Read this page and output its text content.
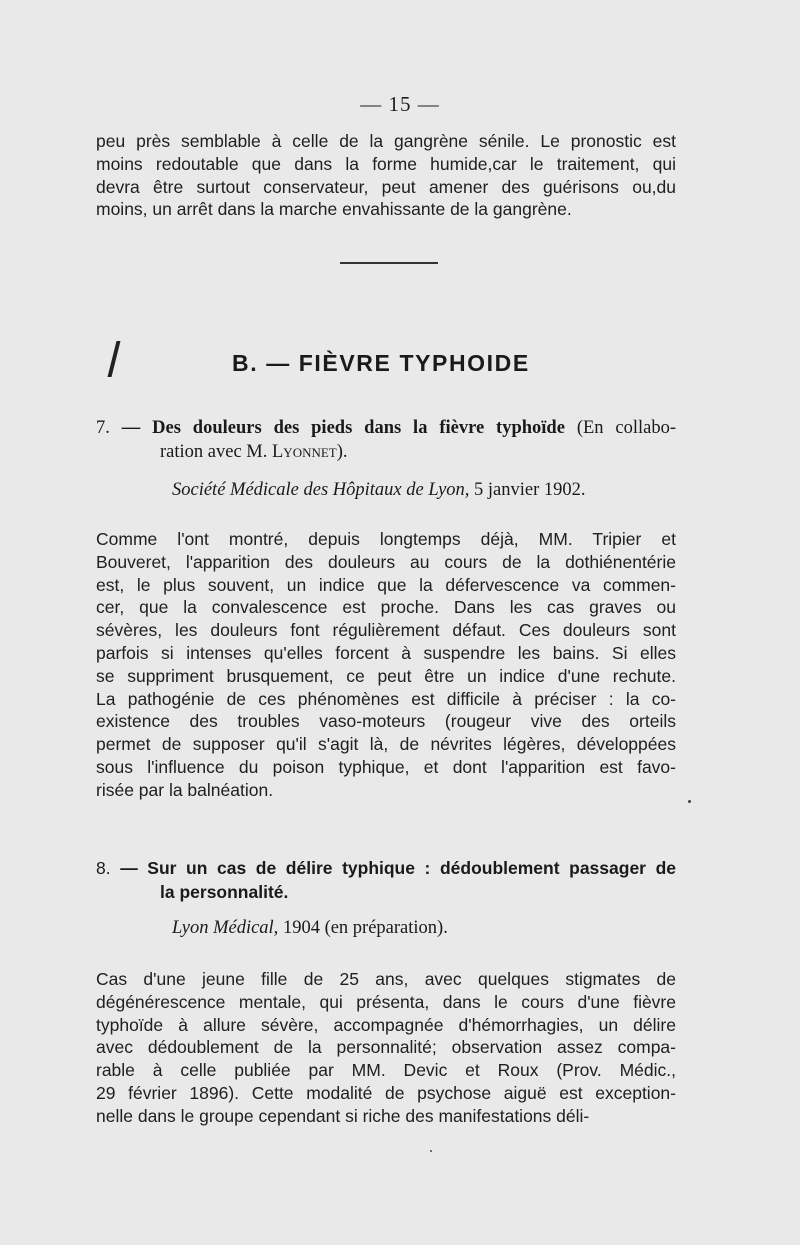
— 15 —

peu près semblable à celle de la gangrène sénile. Le pronostic est
moins redoutable que dans la forme humide,car le traitement, qui
devra être surtout conservateur, peut amener des guérisons ou,du
moins, un arrêt dans la marche envahissante de la gangrène.

B. — FIÈVRE TYPHOIDE
7. — Des douleurs des pieds dans la fièvre typhoïde (En collabo-
ration avec M. Lyonnet).
Société Médicale des Hôpitaux de Lyon, 5 janvier 1902.

Comme l'ont montré, depuis longtemps déjà, MM. Tripier et
Bouveret, l'apparition des douleurs au cours de la dothiénentérie
est, le plus souvent, un indice que la défervescence va commen-
cer, que la convalescence est proche. Dans les cas graves ou
sévères, les douleurs font régulièrement défaut. Ces douleurs sont
parfois si intenses qu'elles forcent à suspendre les bains. Si elles
se suppriment brusquement, ce peut être un indice d'une rechute.
La pathogénie de ces phénomènes est difficile à préciser : la co-
existence des troubles vaso-moteurs (rougeur vive des orteils
permet de supposer qu'il s'agit là, de névrites légères, développées
sous l'influence du poison typhique, et dont l'apparition est favo-
risée par la balnéation.

8. — Sur un cas de délire typhique : dédoublement passager de
la personnalité.
Lyon Médical, 1904 (en préparation).

Cas d'une jeune fille de 25 ans, avec quelques stigmates de
dégénérescence mentale, qui présenta, dans le cours d'une fièvre
typhoïde à allure sévère, accompagnée d'hémorrhagies, un délire
avec dédoublement de la personnalité; observation assez compa-
rable à celle publiée par MM. Devic et Roux (Prov. Médic.,
29 février 1896). Cette modalité de psychose aiguë est exception-
nelle dans le groupe cependant si riche des manifestations déli-
